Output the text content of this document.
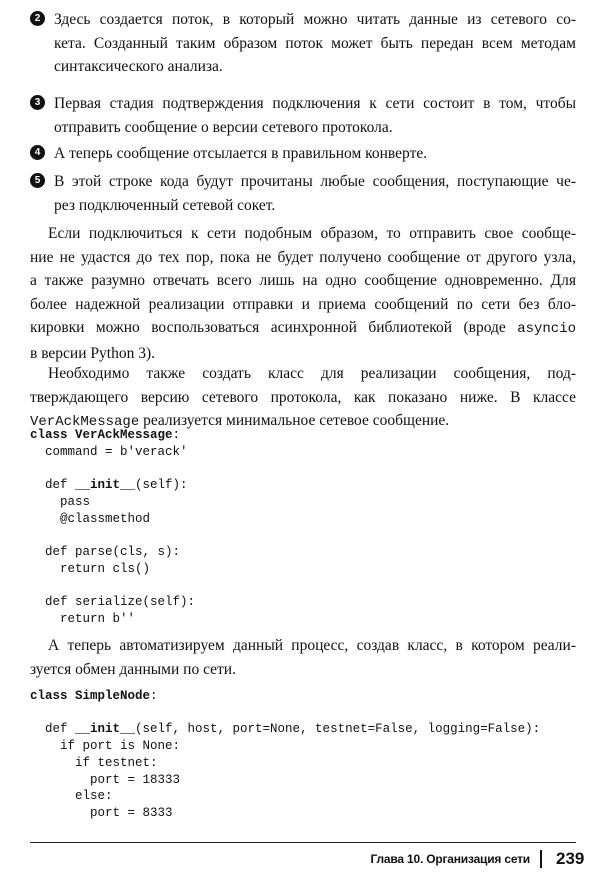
2 Здесь создается поток, в который можно читать данные из сетевого со-
кета. Созданный таким образом поток может быть передан всем методам
синтаксического анализа.
3 Первая стадия подтверждения подключения к сети состоит в том, чтобы
отправить сообщение о версии сетевого протокола.
4 А теперь сообщение отсылается в правильном конверте.
5 В этой строке кода будут прочитаны любые сообщения, поступающие че-
рез подключенный сетевой сокет.
Если подключиться к сети подобным образом, то отправить свое сообще-
ние не удастся до тех пор, пока не будет получено сообщение от другого узла,
а также разумно отвечать всего лишь на одно сообщение одновременно. Для
более надежной реализации отправки и приема сообщений по сети без бло-
кировки можно воспользоваться асинхронной библиотекой (вроде asyncio
в версии Python 3).
Необходимо также создать класс для реализации сообщения, под-
тверждающего версию сетевого протокола, как показано ниже. В классе
VerAckMessage реализуется минимальное сетевое сообщение.
class VerAckMessage:
command = b'verack'

def __init__(self):
pass
@classmethod

def parse(cls, s):
return cls()

def serialize(self):
return b''
А теперь автоматизируем данный процесс, создав класс, в котором реали-
зуется обмен данными по сети.
class SimpleNode:

def __init__(self, host, port=None, testnet=False, logging=False):
if port is None:
if testnet:
port = 18333
else:
port = 8333
Глава 10. Организация сети 239
